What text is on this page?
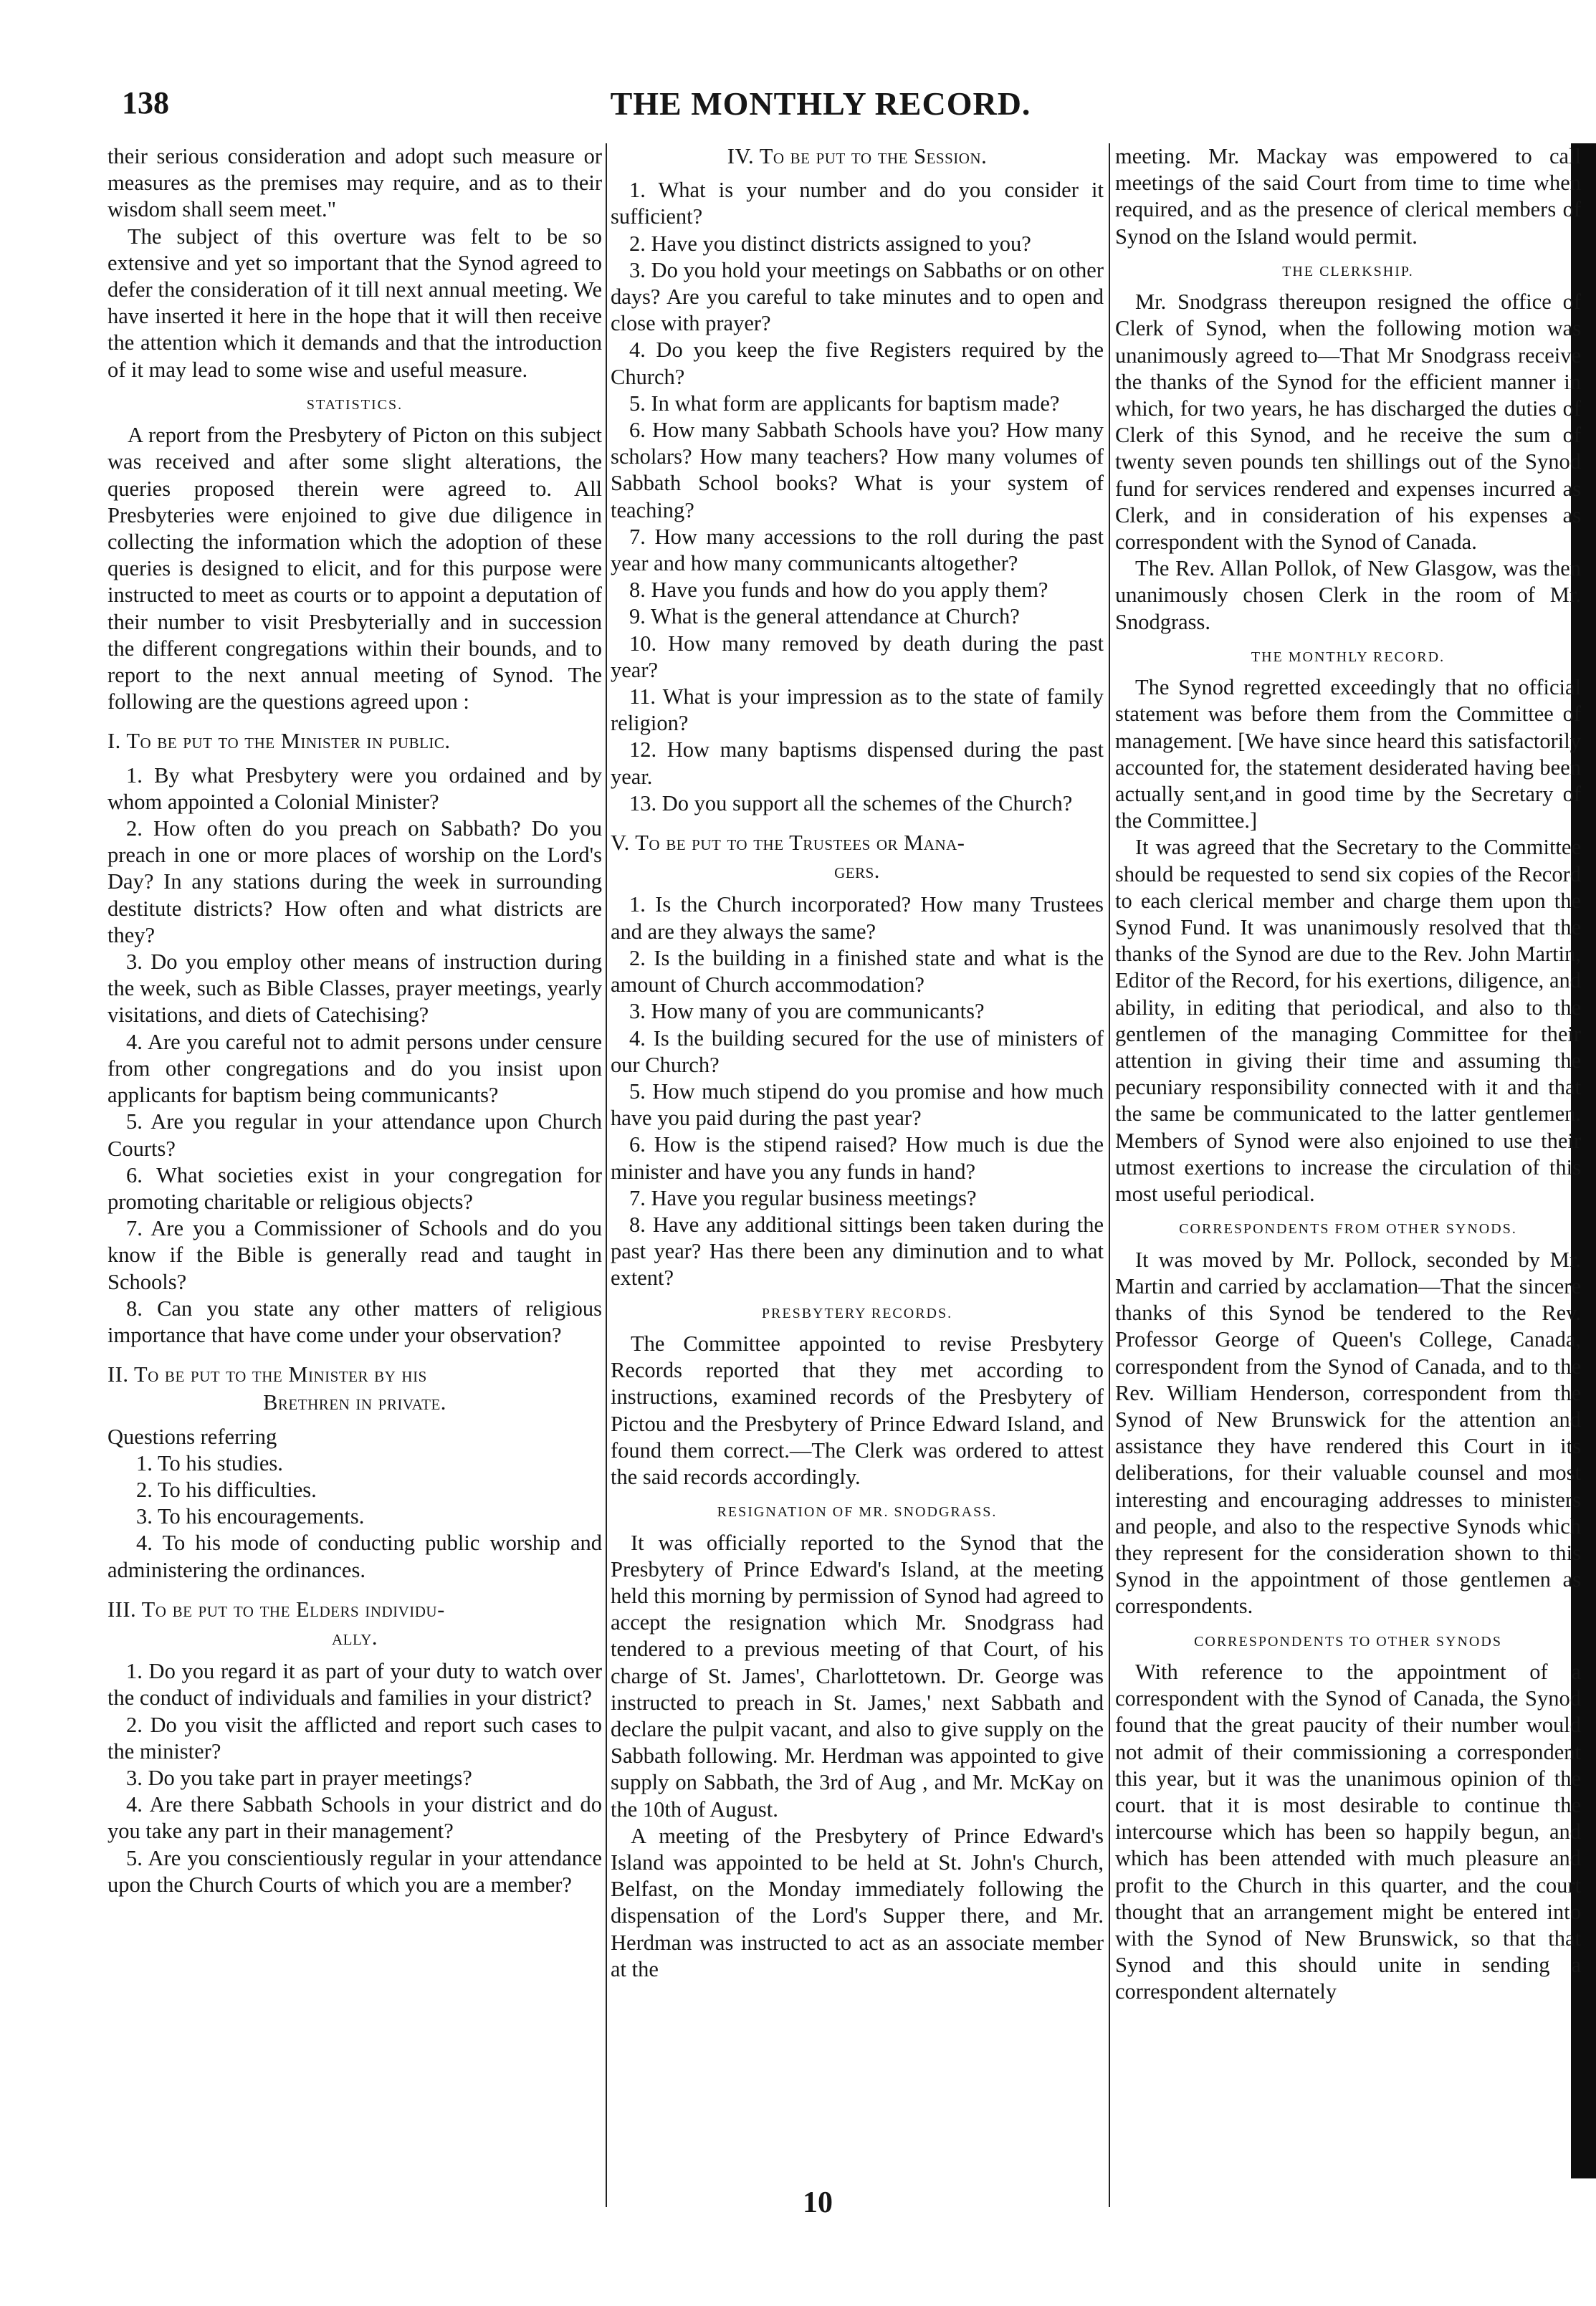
138	THE MONTHLY RECORD.

their serious consideration and adopt such measure or measures as the premises may require, and as to their wisdom shall seem meet."

The subject of this overture was felt to be so extensive and yet so important that the Synod agreed to defer the consideration of it till next annual meeting. We have inserted it here in the hope that it will then receive the attention which it demands and that the introduction of it may lead to some wise and useful measure.

STATISTICS.

A report from the Presbytery of Picton on this subject was received and after some slight alterations, the queries proposed therein were agreed to. All Presbyteries were enjoined to give due diligence in collecting the information which the adoption of these queries is designed to elicit, and for this purpose were instructed to meet as courts or to appoint a deputation of their number to visit Presbyterially and in succession the different congregations within their bounds, and to report to the next annual meeting of Synod. The following are the questions agreed upon :

I. To be put to the Minister in public.

1. By what Presbytery were you ordained and by whom appointed a Colonial Minister?

2. How often do you preach on Sabbath? Do you preach in one or more places of worship on the Lord's Day? In any stations during the week in surrounding destitute districts? How often and what districts are they?

3. Do you employ other means of instruction during the week, such as Bible Classes, prayer meetings, yearly visitations, and diets of Catechising?

4. Are you careful not to admit persons under censure from other congregations and do you insist upon applicants for baptism being communicants?

5. Are you regular in your attendance upon Church Courts?

6. What societies exist in your congregation for promoting charitable or religious objects?

7. Are you a Commissioner of Schools and do you know if the Bible is generally read and taught in Schools?

8. Can you state any other matters of religious importance that have come under your observation?

II. To be put to the Minister by his
Brethren in private.

Questions referring

1. To his studies.

2. To his difficulties.

3. To his encouragements.

4. To his mode of conducting public worship and administering the ordinances.

III. To be put to the Elders individu-
ally.

1. Do you regard it as part of your duty to watch over the conduct of individuals and families in your district?

2. Do you visit the afflicted and report such cases to the minister?

3. Do you take part in prayer meetings?

4. Are there Sabbath Schools in your district and do you take any part in their management?

5. Are you conscientiously regular in your attendance upon the Church Courts of which you are a member?

IV. To be put to the Session.

1. What is your number and do you consider it sufficient?

2. Have you distinct districts assigned to you?

3. Do you hold your meetings on Sabbaths or on other days? Are you careful to take minutes and to open and close with prayer?

4. Do you keep the five Registers required by the Church?

5. In what form are applicants for baptism made?

6. How many Sabbath Schools have you? How many scholars? How many teachers? How many volumes of Sabbath School books? What is your system of teaching?

7. How many accessions to the roll during the past year and how many communicants altogether?

8. Have you funds and how do you apply them?

9. What is the general attendance at Church?

10. How many removed by death during the past year?

11. What is your impression as to the state of family religion?

12. How many baptisms dispensed during the past year.

13. Do you support all the schemes of the Church?

V. To be put to the Trustees or Mana-
gers.

1. Is the Church incorporated? How many Trustees and are they always the same?

2. Is the building in a finished state and what is the amount of Church accommodation?

3. How many of you are communicants?

4. Is the building secured for the use of ministers of our Church?

5. How much stipend do you promise and how much have you paid during the past year?

6. How is the stipend raised? How much is due the minister and have you any funds in hand?

7. Have you regular business meetings?

8. Have any additional sittings been taken during the past year? Has there been any diminution and to what extent?

PRESBYTERY RECORDS.

The Committee appointed to revise Presbytery Records reported that they met according to instructions, examined records of the Presbytery of Pictou and the Presbytery of Prince Edward Island, and found them correct.—The Clerk was ordered to attest the said records accordingly.

RESIGNATION OF MR. SNODGRASS.

It was officially reported to the Synod that the Presbytery of Prince Edward's Island, at the meeting held this morning by permission of Synod had agreed to accept the resignation which Mr. Snodgrass had tendered to a previous meeting of that Court, of his charge of St. James', Charlottetown. Dr. George was instructed to preach in St. James,' next Sabbath and declare the pulpit vacant, and also to give supply on the Sabbath following. Mr. Herdman was appointed to give supply on Sabbath, the 3rd of Aug , and Mr. McKay on the 10th of August.

A meeting of the Presbytery of Prince Edward's Island was appointed to be held at St. John's Church, Belfast, on the Monday immediately following the dispensation of the Lord's Supper there, and Mr. Herdman was instructed to act as an associate member at the

meeting. Mr. Mackay was empowered to call meetings of the said Court from time to time when required, and as the presence of clerical members of Synod on the Island would permit.

THE CLERKSHIP.

Mr. Snodgrass thereupon resigned the office of Clerk of Synod, when the following motion was unanimously agreed to—That Mr Snodgrass receive the thanks of the Synod for the efficient manner in which, for two years, he has discharged the duties of Clerk of this Synod, and he receive the sum of twenty seven pounds ten shillings out of the Synod fund for services rendered and expenses incurred as Clerk, and in consideration of his expenses as correspondent with the Synod of Canada.

The Rev. Allan Pollok, of New Glasgow, was then unanimously chosen Clerk in the room of Mr. Snodgrass.

THE MONTHLY RECORD.

The Synod regretted exceedingly that no official statement was before them from the Committee of management. [We have since heard this satisfactorily accounted for, the statement desiderated having been actually sent,and in good time by the Secretary of the Committee.]

It was agreed that the Secretary to the Committee should be requested to send six copies of the Record to each clerical member and charge them upon the Synod Fund. It was unanimously resolved that the thanks of the Synod are due to the Rev. John Martin, Editor of the Record, for his exertions, diligence, and ability, in editing that periodical, and also to the gentlemen of the managing Committee for their attention in giving their time and assuming the pecuniary responsibility connected with it and that the same be communicated to the latter gentlemen. Members of Synod were also enjoined to use their utmost exertions to increase the circulation of this most useful periodical.

CORRESPONDENTS FROM OTHER SYNODS.

It was moved by Mr. Pollock, seconded by Mr. Martin and carried by acclamation—That the sincere thanks of this Synod be tendered to the Rev. Professor George of Queen's College, Canada, correspondent from the Synod of Canada, and to the Rev. William Henderson, correspondent from the Synod of New Brunswick for the attention and assistance they have rendered this Court in its deliberations, for their valuable counsel and most interesting and encouraging addresses to ministers and people, and also to the respective Synods which they represent for the consideration shown to this Synod in the appointment of those gentlemen as correspondents.

CORRESPONDENTS TO OTHER SYNODS

With reference to the appointment of a correspondent with the Synod of Canada, the Synod found that the great paucity of their number would not admit of their commissioning a correspondent this year, but it was the unanimous opinion of the court. that it is most desirable to continue the intercourse which has been so happily begun, and which has been attended with much pleasure and profit to the Church in this quarter, and the court thought that an arrangement might be entered into with the Synod of New Brunswick, so that that Synod and this should unite in sending a correspondent alternately

10
